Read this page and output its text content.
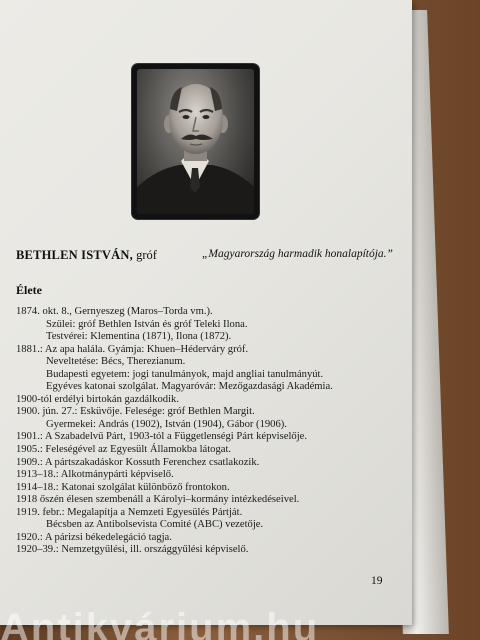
BETHLEN ISTVÁN, gróf	„Magyarország harmadik honalapítója.”
Élete
1874. okt. 8., Gernyeszeg (Maros–Torda vm.).
Szülei: gróf Bethlen István és gróf Teleki Ilona.
Testvérei: Klementina (1871), Ilona (1872).
1881.: Az apa halála. Gyámja: Khuen–Héderváry gróf.
Neveltetése: Bécs, Therezianum.
Budapesti egyetem: jogi tanulmányok, majd angliai tanulmányút.
Egyéves katonai szolgálat. Magyaróvár: Mezőgazdasági Akadémia.
1900-tól erdélyi birtokán gazdálkodik.
1900. jún. 27.: Esküvője. Felesége: gróf Bethlen Margit.
Gyermekei: András (1902), István (1904), Gábor (1906).
1901.: A Szabadelvű Párt, 1903-tól a Függetlenségi Párt képviselője.
1905.: Feleségével az Egyesült Államokba látogat.
1909.: A pártszakadáskor Kossuth Ferenchez csatlakozik.
1913–18.: Alkotmánypárti képviselő.
1914–18.: Katonai szolgálat különböző frontokon.
1918 őszén élesen szembenáll a Károlyi–kormány intézkedéseivel.
1919. febr.: Megalapítja a Nemzeti Egyesülés Pártját.
Bécsben az Antibolsevista Comité (ABC) vezetője.
1920.: A párizsi békedelegáció tagja.
1920–39.: Nemzetgyűlési, ill. országgyűlési képviselő.
19
Antikvárium.hu
